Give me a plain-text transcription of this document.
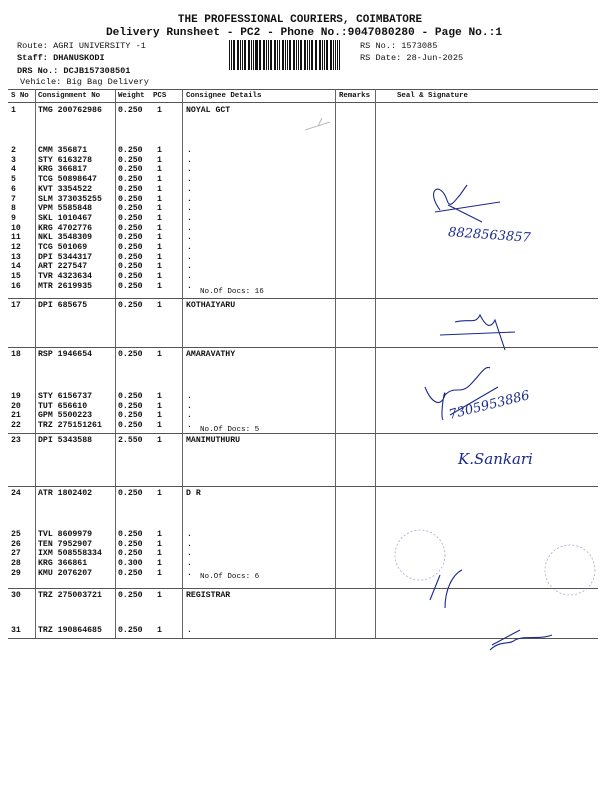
THE PROFESSIONAL COURIERS, COIMBATORE
Delivery Runsheet - PC2 - Phone No.:9047080280 - Page No.:1
Route: AGRI UNIVERSITY -1
Staff: DHANUSKODI
DRS No.: DCJB157308501
Vehicle: Big Bag Delivery
RS No.: 1573085
RS Date: 28-Jun-2025
S No Consignment No Weight PCS	Consignee Details	Remarks	Seal & Signature
1	TMG 200762986 0.250 1	NOYAL GCT
2	CMM 356871	0.250 1	.
3	STY 6163278	0.250 1	.
4	KRG 366817	0.250 1	.
5	TCG 50898647	0.250 1	.
6	KVT 3354522	0.250 1	.
7	SLM 373035255 0.250 1	.
8	VPM 5585848	0.250 1	.
9	SKL 1010467	0.250 1	.
10 KRG 4702776	0.250 1	.
11 NKL 3548309	0.250 1	.
12 TCG 501069	0.250 1	.
13 DPI 5344317	0.250 1	.
14 ART 227547	0.250 1	.
15 TVR 4323634	0.250 1	.
16 MTR 2619935	0.250 1	.
No.Of Docs: 16
17 DPI 685675	0.250 1	KOTHAIYARU
18 RSP 1946654	0.250 1	AMARAVATHY
19 STY 6156737	0.250 1	.
20 TUT 656610	0.250 1	.
21 GPM 5500223	0.250 1	.
22 TRZ 275151261 0.250 1	. No.Of Docs: 5
23 DPI 5343588	2.550 1	MANIMUTHURU
24 ATR 1802402	0.250 1	D R
25 TVL 8609979	0.250 1	.
26 TEN 7952907	0.250 1	.
27 IXM 508558334 0.250 1	.
28 KRG 366861	0.300 1	.
29 KMU 2076207	0.250 1	. No.Of Docs: 6
30 TRZ 275003721 0.250 1	REGISTRAR
31 TRZ 190864685 0.250 1	.
8828563857
7305953886
K.Sankari
